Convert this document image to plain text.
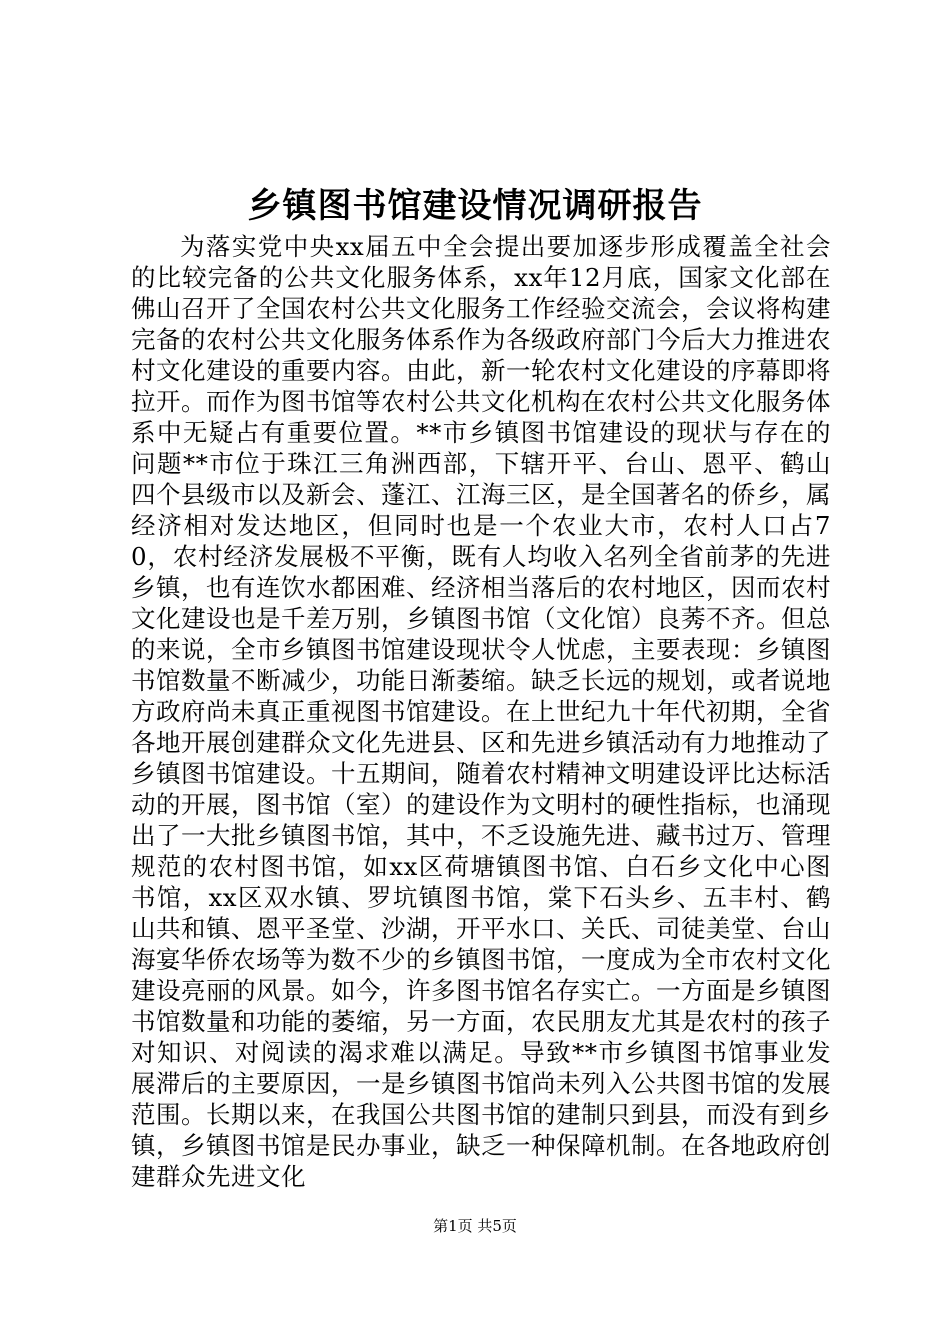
乡镇图书馆建设情况调研报告
为落实党中央xx届五中全会提出要加逐步形成覆盖全社会的比较完备的公共文化服务体系，xx年12月底，国家文化部在佛山召开了全国农村公共文化服务工作经验交流会，会议将构建完备的农村公共文化服务体系作为各级政府部门今后大力推进农村文化建设的重要内容。由此，新一轮农村文化建设的序幕即将拉开。而作为图书馆等农村公共文化机构在农村公共文化服务体系中无疑占有重要位置。**市乡镇图书馆建设的现状与存在的问题**市位于珠江三角洲西部，下辖开平、台山、恩平、鹤山四个县级市以及新会、蓬江、江海三区，是全国著名的侨乡，属经济相对发达地区，但同时也是一个农业大市，农村人口占70，农村经济发展极不平衡，既有人均收入名列全省前茅的先进乡镇，也有连饮水都困难、经济相当落后的农村地区，因而农村文化建设也是千差万别，乡镇图书馆（文化馆）良莠不齐。但总的来说，全市乡镇图书馆建设现状令人忧虑，主要表现：乡镇图书馆数量不断减少，功能日渐萎缩。缺乏长远的规划，或者说地方政府尚未真正重视图书馆建设。在上世纪九十年代初期，全省各地开展创建群众文化先进县、区和先进乡镇活动有力地推动了乡镇图书馆建设。十五期间，随着农村精神文明建设评比达标活动的开展，图书馆（室）的建设作为文明村的硬性指标，也涌现出了一大批乡镇图书馆，其中，不乏设施先进、藏书过万、管理规范的农村图书馆，如xx区荷塘镇图书馆、白石乡文化中心图书馆，xx区双水镇、罗坑镇图书馆，棠下石头乡、五丰村、鹤山共和镇、恩平圣堂、沙湖，开平水口、关氏、司徒美堂、台山海宴华侨农场等为数不少的乡镇图书馆，一度成为全市农村文化建设亮丽的风景。如今，许多图书馆名存实亡。一方面是乡镇图书馆数量和功能的萎缩，另一方面，农民朋友尤其是农村的孩子对知识、对阅读的渴求难以满足。导致**市乡镇图书馆事业发展滞后的主要原因，一是乡镇图书馆尚未列入公共图书馆的发展范围。长期以来，在我国公共图书馆的建制只到县，而没有到乡镇，乡镇图书馆是民办事业，缺乏一种保障机制。在各地政府创建群众先进文化
第1页 共5页
